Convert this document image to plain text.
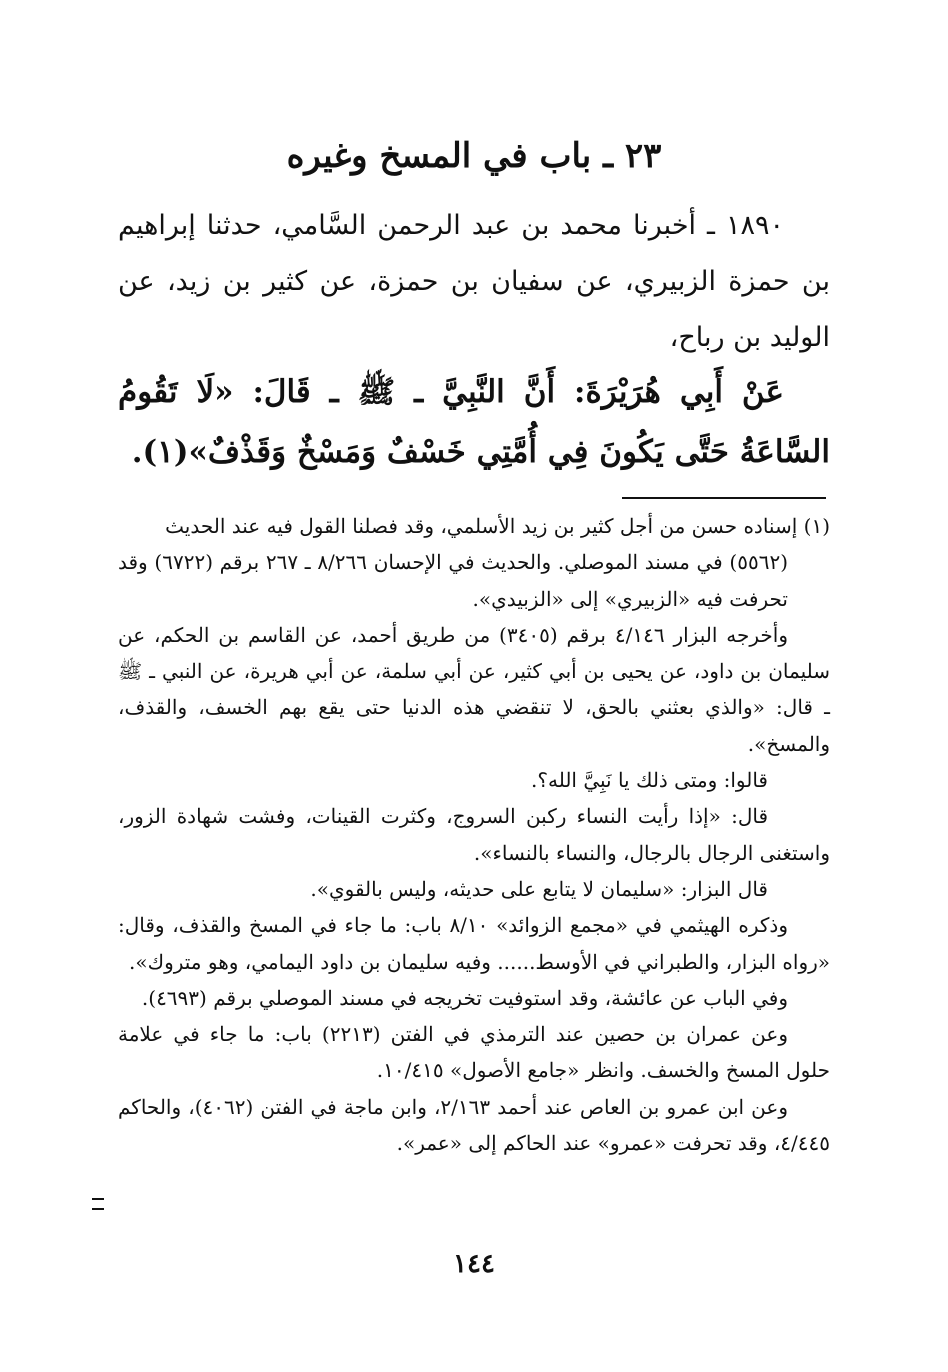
٢٣ ـ باب في المسخ وغيره

١٨٩٠ ـ أخبرنا محمد بن عبد الرحمن السَّامي، حدثنا إبراهيم بن حمزة الزبيري، عن سفيان بن حمزة، عن كثير بن زيد، عن الوليد بن رباح،

عَنْ أَبِي هُرَيْرَةَ: أَنَّ النَّبِيَّ ـ ﷺ ـ قَالَ: «لَا تَقُومُ السَّاعَةُ حَتَّى يَكُونَ فِي أُمَّتِي خَسْفٌ وَمَسْخٌ وَقَذْفٌ»(١).

(١) إسناده حسن من أجل كثير بن زيد الأسلمي، وقد فصلنا القول فيه عند الحديث

(٥٥٦٢) في مسند الموصلي. والحديث في الإحسان ٨/٢٦٦ ـ ٢٦٧ برقم (٦٧٢٢) وقد تحرفت فيه «الزبيري» إلى «الزبيدي».

وأخرجه البزار ٤/١٤٦ برقم (٣٤٠٥) من طريق أحمد، عن القاسم بن الحكم، عن سليمان بن داود، عن يحيى بن أبي كثير، عن أبي سلمة، عن أبي هريرة، عن النبي ـ ﷺ ـ قال: «والذي بعثني بالحق، لا تنقضي هذه الدنيا حتى يقع بهم الخسف، والقذف، والمسخ».

قالوا: ومتى ذلك يا نَبِيَّ الله؟.

قال: «إذا رأيت النساء ركبن السروج، وكثرت القينات، وفشت شهادة الزور، واستغنى الرجال بالرجال، والنساء بالنساء».

قال البزار: «سليمان لا يتابع على حديثه، وليس بالقوي».

وذكره الهيثمي في «مجمع الزوائد» ٨/١٠ باب: ما جاء في المسخ والقذف، وقال: «رواه البزار، والطبراني في الأوسط...... وفيه سليمان بن داود اليمامي، وهو متروك».

وفي الباب عن عائشة، وقد استوفيت تخريجه في مسند الموصلي برقم (٤٦٩٣).

وعن عمران بن حصين عند الترمذي في الفتن (٢٢١٣) باب: ما جاء في علامة حلول المسخ والخسف. وانظر «جامع الأصول» ١٠/٤١٥.

وعن ابن عمرو بن العاص عند أحمد ٢/١٦٣، وابن ماجة في الفتن (٤٠٦٢)، والحاكم ٤/٤٤٥، وقد تحرفت «عمرو» عند الحاكم إلى «عمر».

١٤٤
